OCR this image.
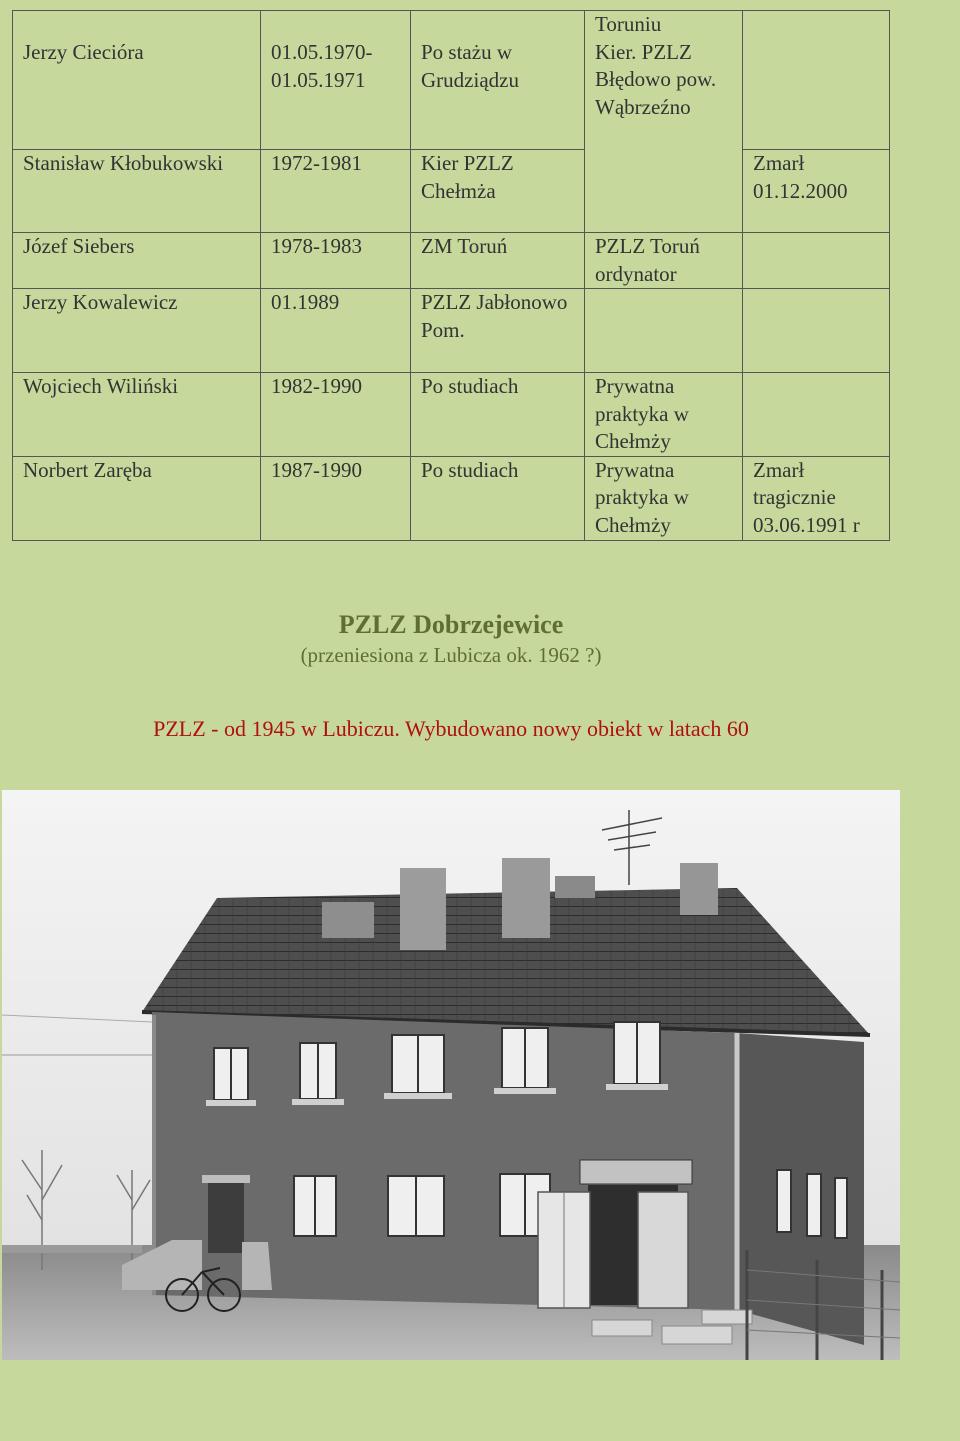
Jerzy Ciecióra	01.05.1970-01.05.1971	Po stażu w Grudziądzu	Toruniu
Kier. PZLZ Błędowo pow. Wąbrzeźno	

Stanisław Kłobukowski	1972-1981	Kier PZLZ Chełmża		Zmarł 01.12.2000

Józef Siebers	1978-1983	ZM Toruń	PZLZ Toruń ordynator	

Jerzy Kowalewicz	01.1989	PZLZ Jabłonowo Pom.		

Wojciech Wiliński	1982-1990	Po studiach	Prywatna praktyka w Chełmży	

Norbert Zaręba	1987-1990	Po studiach	Prywatna praktyka w Chełmży	Zmarł tragicznie 03.06.1991 r
PZLZ Dobrzejewice
(przeniesiona z Lubicza ok. 1962 ?)
PZLZ - od 1945 w Lubiczu. Wybudowano nowy obiekt w latach 60
